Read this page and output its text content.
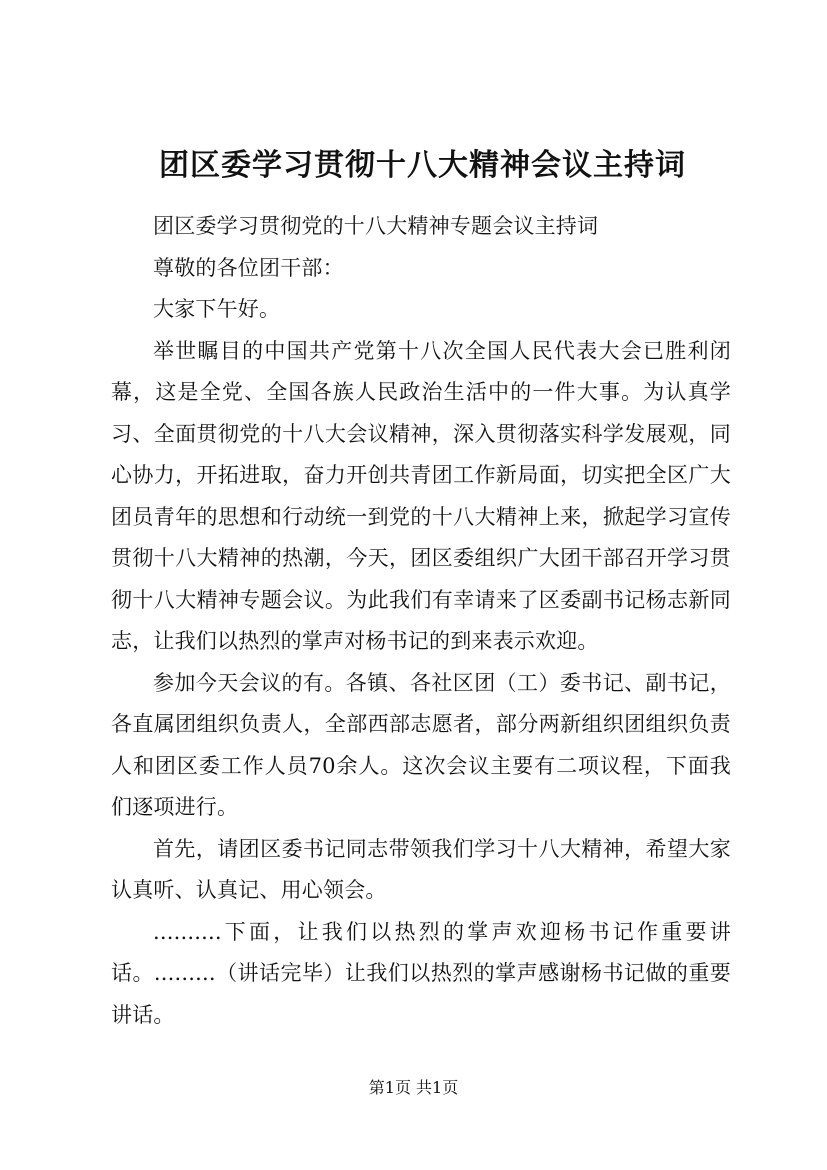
团区委学习贯彻十八大精神会议主持词

团区委学习贯彻党的十八大精神专题会议主持词

尊敬的各位团干部：

大家下午好。

举世瞩目的中国共产党第十八次全国人民代表大会已胜利闭幕，这是全党、全国各族人民政治生活中的一件大事。为认真学习、全面贯彻党的十八大会议精神，深入贯彻落实科学发展观，同心协力，开拓进取，奋力开创共青团工作新局面，切实把全区广大团员青年的思想和行动统一到党的十八大精神上来，掀起学习宣传贯彻十八大精神的热潮，今天，团区委组织广大团干部召开学习贯彻十八大精神专题会议。为此我们有幸请来了区委副书记杨志新同志，让我们以热烈的掌声对杨书记的到来表示欢迎。

参加今天会议的有。各镇、各社区团（工）委书记、副书记，各直属团组织负责人，全部西部志愿者，部分两新组织团组织负责人和团区委工作人员70余人。这次会议主要有二项议程，下面我们逐项进行。

首先，请团区委书记同志带领我们学习十八大精神，希望大家认真听、认真记、用心领会。

..........下面，让我们以热烈的掌声欢迎杨书记作重要讲话。.........（讲话完毕）让我们以热烈的掌声感谢杨书记做的重要讲话。

第1页 共1页
